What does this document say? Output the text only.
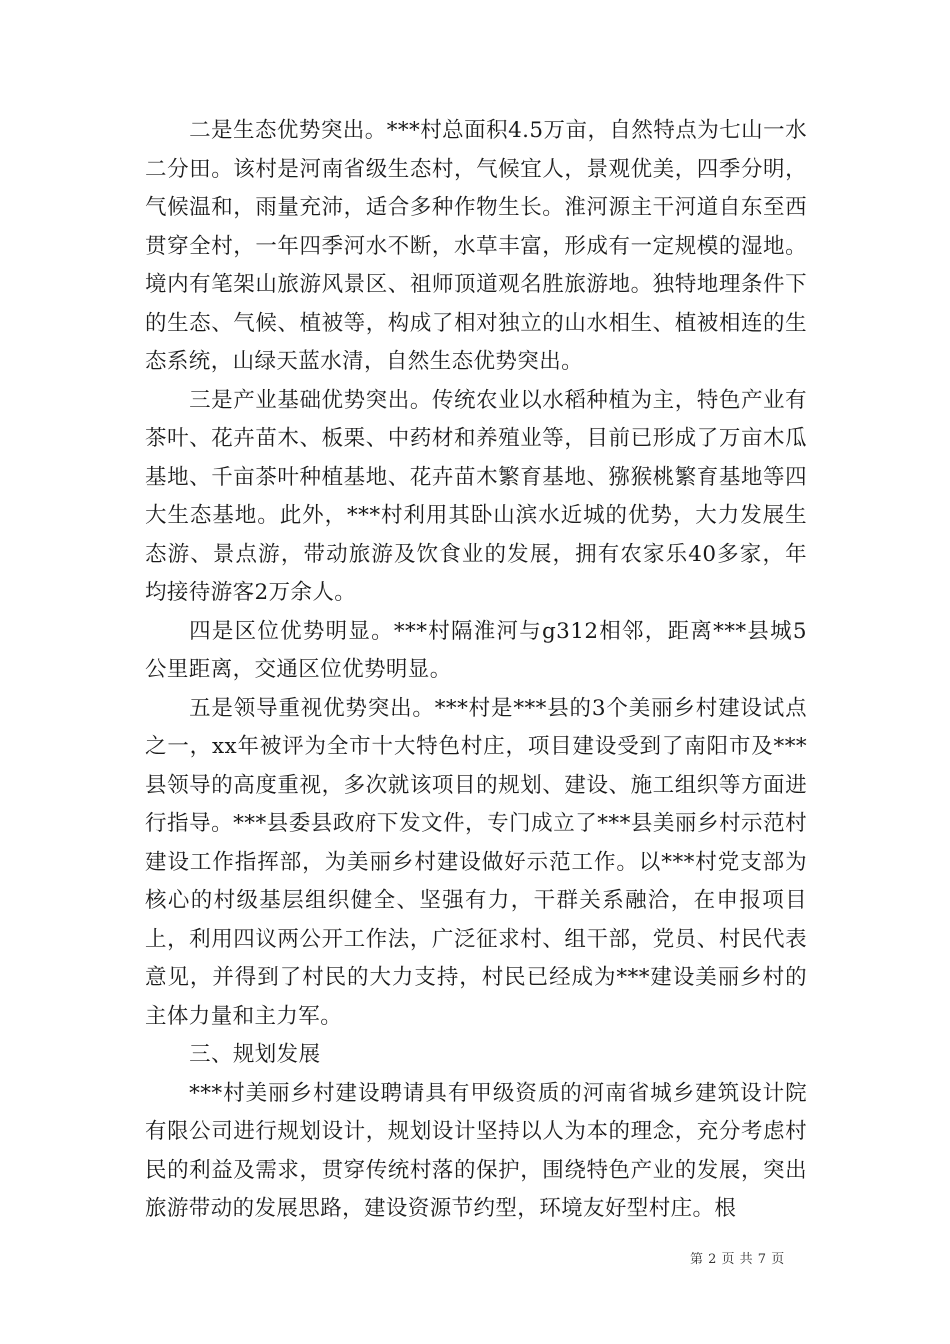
二是生态优势突出。***村总面积4.5万亩，自然特点为七山一水二分田。该村是河南省级生态村，气候宜人，景观优美，四季分明，气候温和，雨量充沛，适合多种作物生长。淮河源主干河道自东至西贯穿全村，一年四季河水不断，水草丰富，形成有一定规模的湿地。境内有笔架山旅游风景区、祖师顶道观名胜旅游地。独特地理条件下的生态、气候、植被等，构成了相对独立的山水相生、植被相连的生态系统，山绿天蓝水清，自然生态优势突出。

三是产业基础优势突出。传统农业以水稻种植为主，特色产业有茶叶、花卉苗木、板栗、中药材和养殖业等，目前已形成了万亩木瓜基地、千亩茶叶种植基地、花卉苗木繁育基地、猕猴桃繁育基地等四大生态基地。此外，***村利用其卧山滨水近城的优势，大力发展生态游、景点游，带动旅游及饮食业的发展，拥有农家乐40多家，年均接待游客2万余人。

四是区位优势明显。***村隔淮河与g312相邻，距离***县城5公里距离，交通区位优势明显。

五是领导重视优势突出。***村是***县的3个美丽乡村建设试点之一，xx年被评为全市十大特色村庄，项目建设受到了南阳市及***县领导的高度重视，多次就该项目的规划、建设、施工组织等方面进行指导。***县委县政府下发文件，专门成立了***县美丽乡村示范村建设工作指挥部，为美丽乡村建设做好示范工作。以***村党支部为核心的村级基层组织健全、坚强有力，干群关系融洽，在申报项目上，利用四议两公开工作法，广泛征求村、组干部，党员、村民代表意见，并得到了村民的大力支持，村民已经成为***建设美丽乡村的主体力量和主力军。

三、规划发展

***村美丽乡村建设聘请具有甲级资质的河南省城乡建筑设计院有限公司进行规划设计，规划设计坚持以人为本的理念，充分考虑村民的利益及需求，贯穿传统村落的保护，围绕特色产业的发展，突出旅游带动的发展思路，建设资源节约型，环境友好型村庄。根

第 2 页 共 7 页
